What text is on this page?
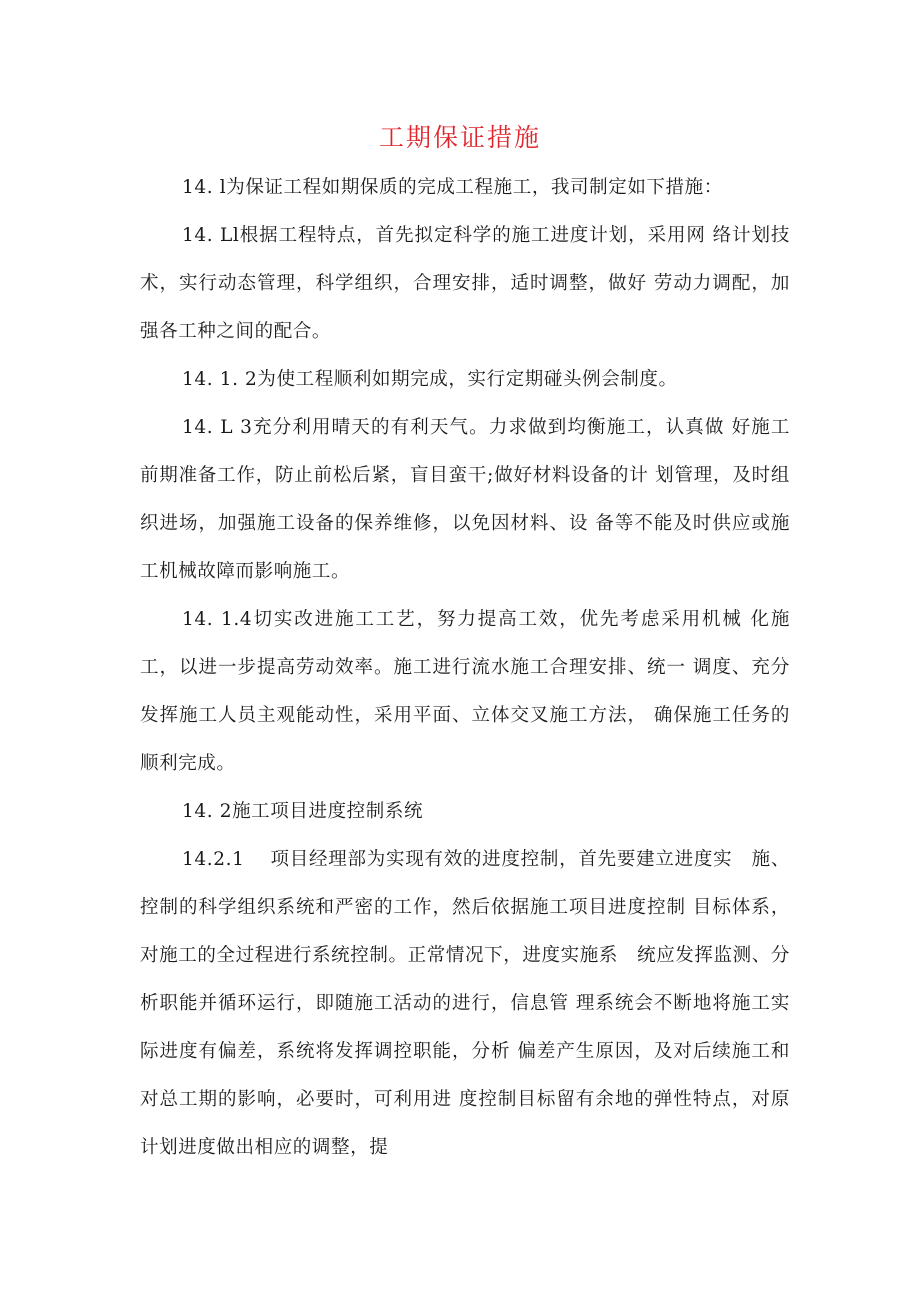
工期保证措施

14. l为保证工程如期保质的完成工程施工，我司制定如下措施：

14. Ll根据工程特点，首先拟定科学的施工进度计划，采用网 络计划技术，实行动态管理，科学组织，合理安排，适时调整，做好 劳动力调配，加强各工种之间的配合。

14. 1. 2为使工程顺利如期完成，实行定期碰头例会制度。

14. L 3充分利用晴天的有利天气。力求做到均衡施工，认真做 好施工前期准备工作，防止前松后紧，盲目蛮干;做好材料设备的计 划管理，及时组织进场，加强施工设备的保养维修，以免因材料、设 备等不能及时供应或施工机械故障而影响施工。

14. 1.4切实改进施工工艺，努力提高工效，优先考虑采用机械 化施工，以进一步提高劳动效率。施工进行流水施工合理安排、统一 调度、充分发挥施工人员主观能动性，采用平面、立体交叉施工方法， 确保施工任务的顺利完成。

14. 2施工项目进度控制系统

14.2.1　 项目经理部为实现有效的进度控制，首先要建立进度实　施、控制的科学组织系统和严密的工作，然后依据施工项目进度控制 目标体系，对施工的全过程进行系统控制。正常情况下，进度实施系　统应发挥监测、分析职能并循环运行，即随施工活动的进行，信息管 理系统会不断地将施工实际进度有偏差，系统将发挥调控职能，分析 偏差产生原因，及对后续施工和对总工期的影响，必要时，可利用进 度控制目标留有余地的弹性特点，对原计划进度做出相应的调整，提
